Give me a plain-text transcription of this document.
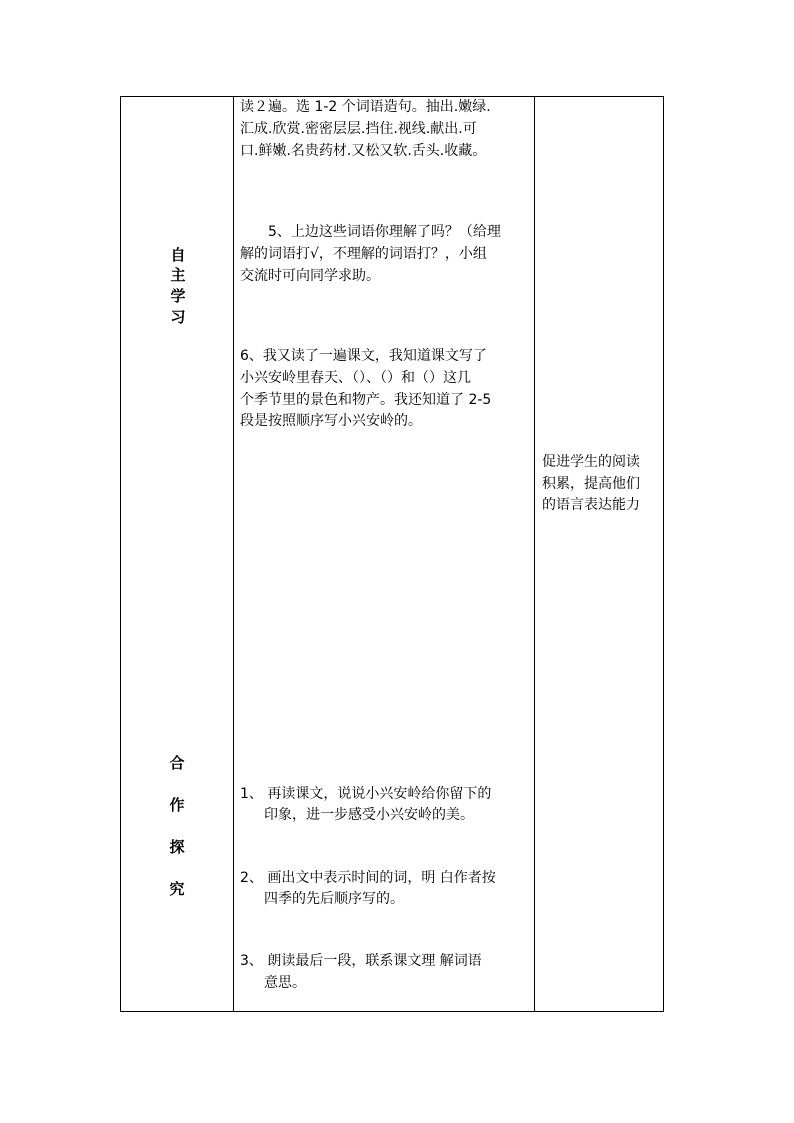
自
主
学
习
合
作
探
究
读２遍。选 1-2 个词语造句。抽出.嫩绿.
汇成.欣赏.密密层层.挡住.视线.献出.可
口.鲜嫩.名贵药材.又松又软.舌头.收藏。
5、上边这些词语你理解了吗？（给理
解的词语打√，不理解的词语打？，小组
交流时可向同学求助。
6、我又读了一遍课文，我知道课文写了
小兴安岭里春天、（）、（）和（）这几
个季节里的景色和物产。我还知道了 2-5
段是按照顺序写小兴安岭的。
促进学生的阅读
积累，提高他们
的语言表达能力
1、 再读课文，说说小兴安岭给你留下的
印象，进一步感受小兴安岭的美。
2、 画出文中表示时间的词，明 白作者按
四季的先后顺序写的。
3、 朗读最后一段，联系课文理 解词语
意思。
